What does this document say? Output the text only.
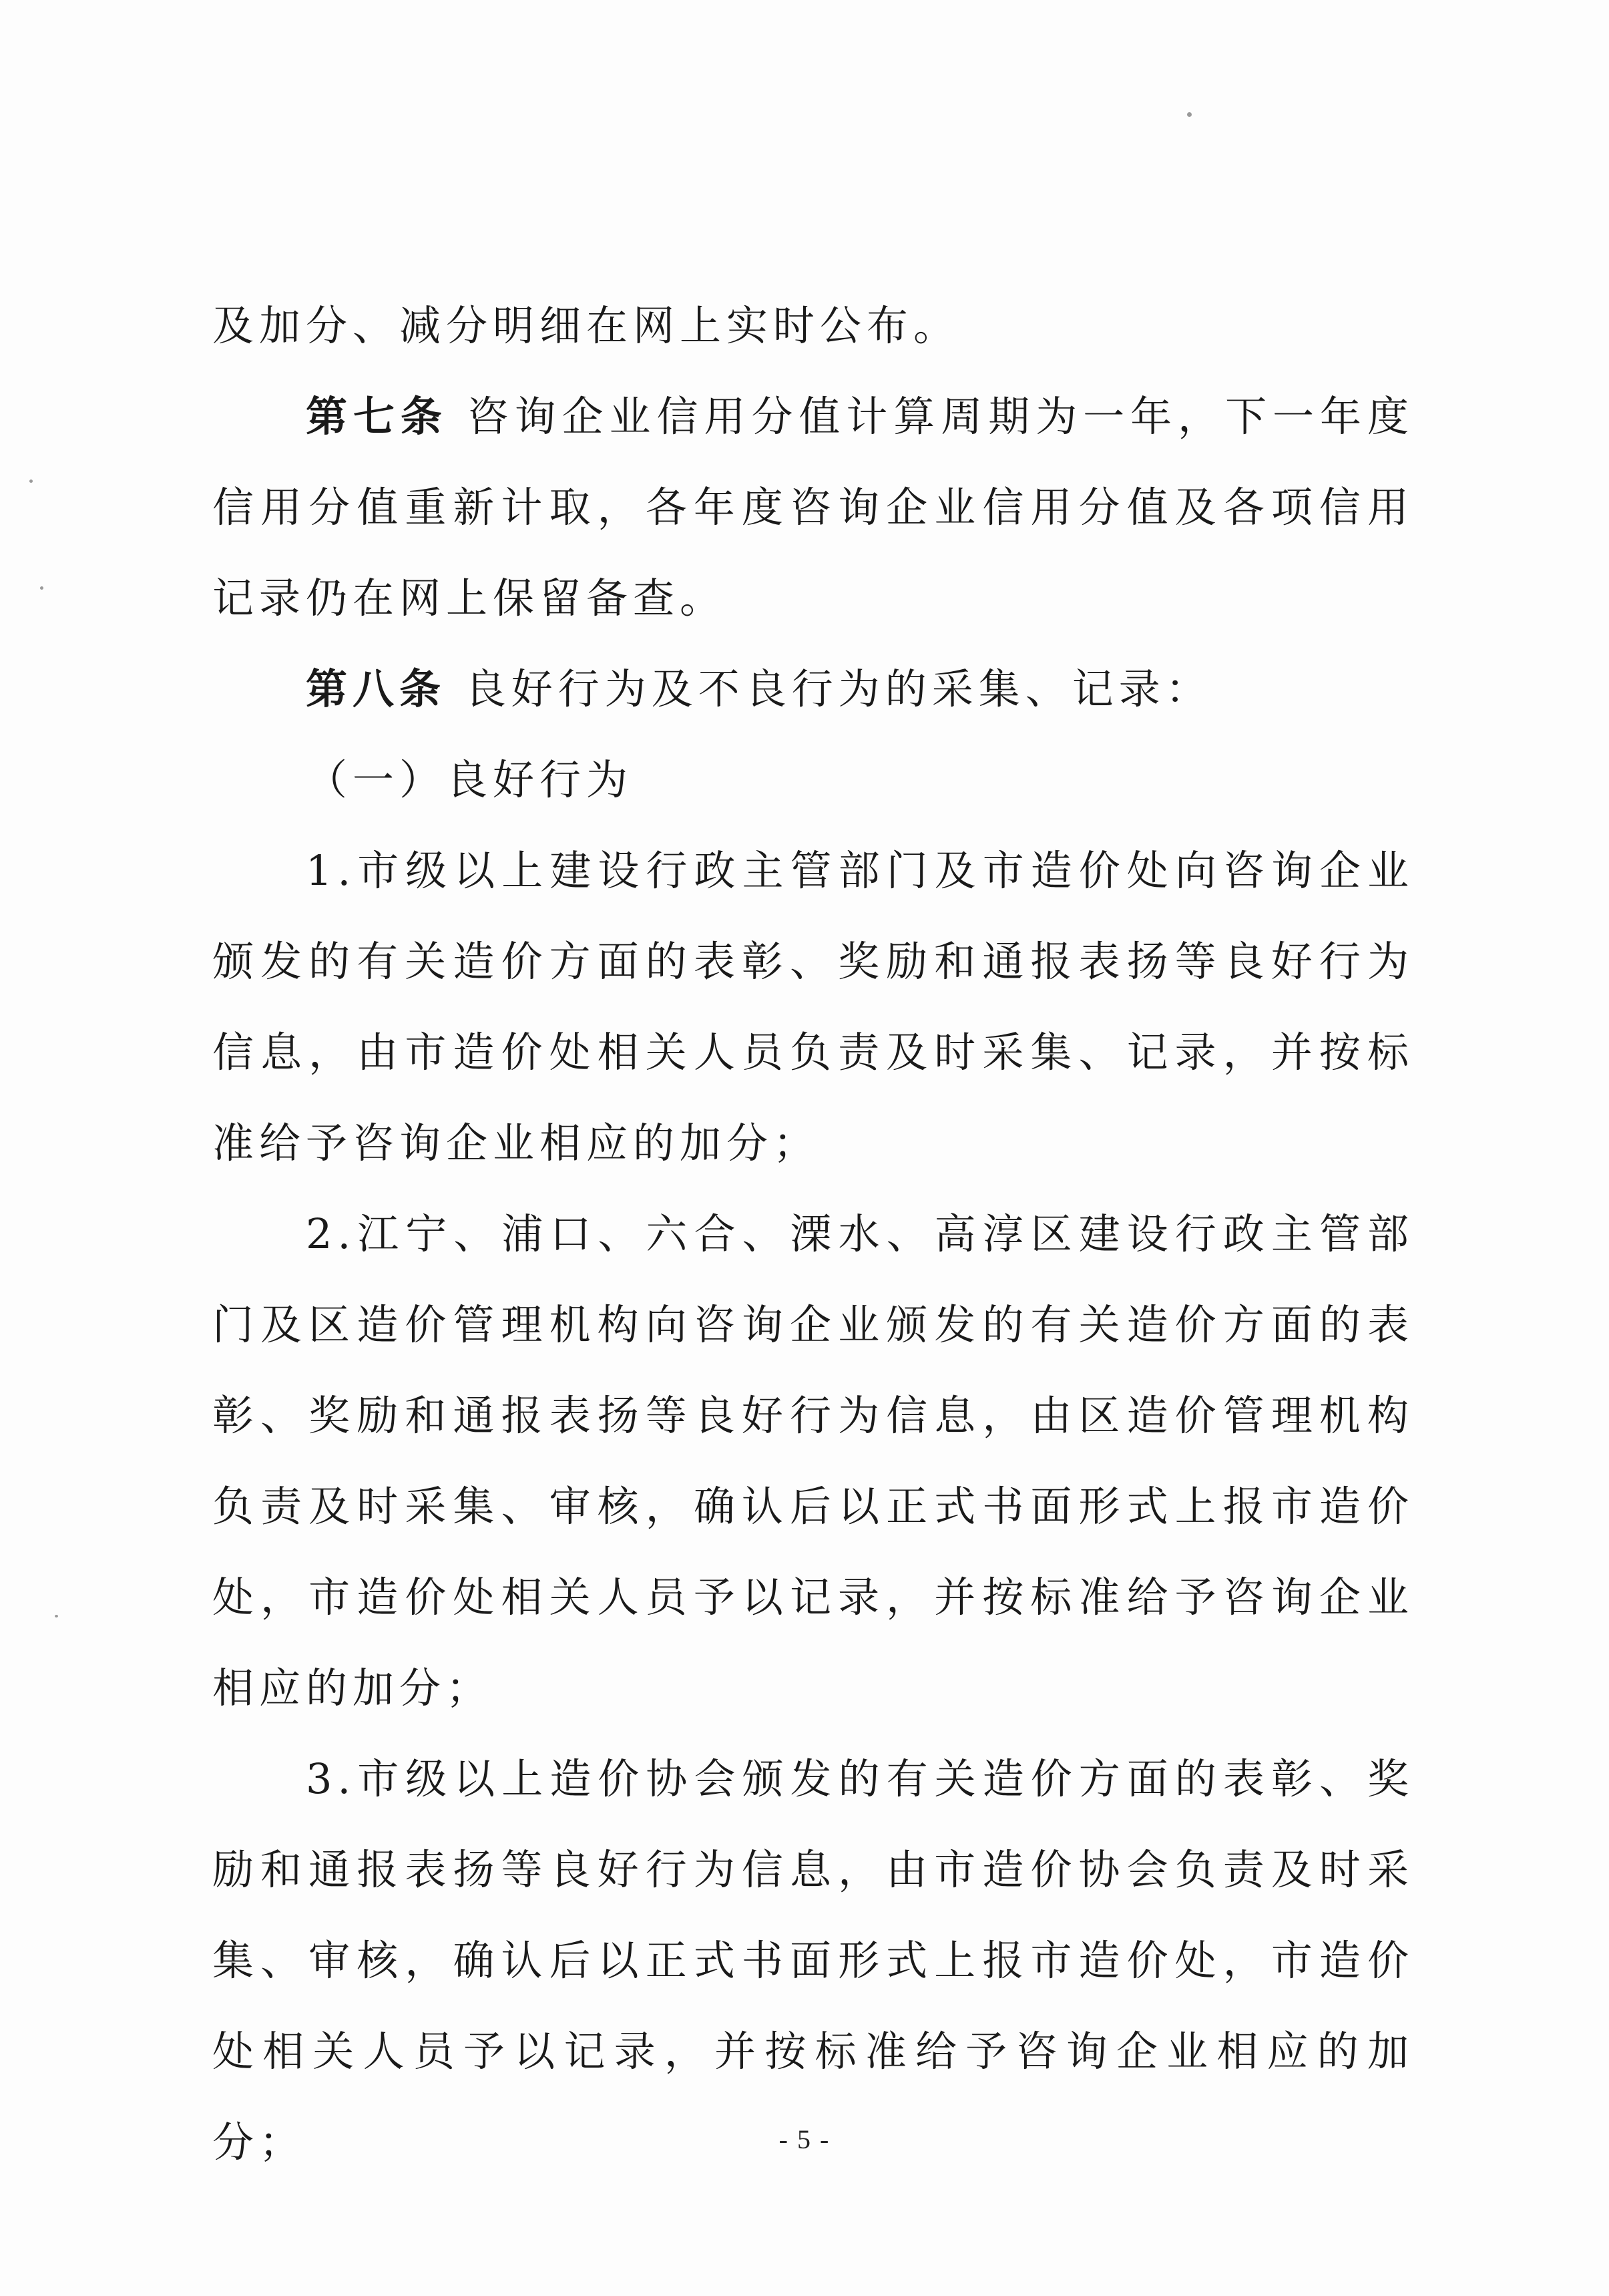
及加分、减分明细在网上实时公布。

第七条 咨询企业信用分值计算周期为一年，下一年度信用分值重新计取，各年度咨询企业信用分值及各项信用记录仍在网上保留备查。

第八条 良好行为及不良行为的采集、记录：

（一）良好行为

1.市级以上建设行政主管部门及市造价处向咨询企业颁发的有关造价方面的表彰、奖励和通报表扬等良好行为信息，由市造价处相关人员负责及时采集、记录，并按标准给予咨询企业相应的加分；

2.江宁、浦口、六合、溧水、高淳区建设行政主管部门及区造价管理机构向咨询企业颁发的有关造价方面的表彰、奖励和通报表扬等良好行为信息，由区造价管理机构负责及时采集、审核，确认后以正式书面形式上报市造价处，市造价处相关人员予以记录，并按标准给予咨询企业相应的加分；

3.市级以上造价协会颁发的有关造价方面的表彰、奖励和通报表扬等良好行为信息，由市造价协会负责及时采集、审核，确认后以正式书面形式上报市造价处，市造价处相关人员予以记录，并按标准给予咨询企业相应的加分；	- 5 -
